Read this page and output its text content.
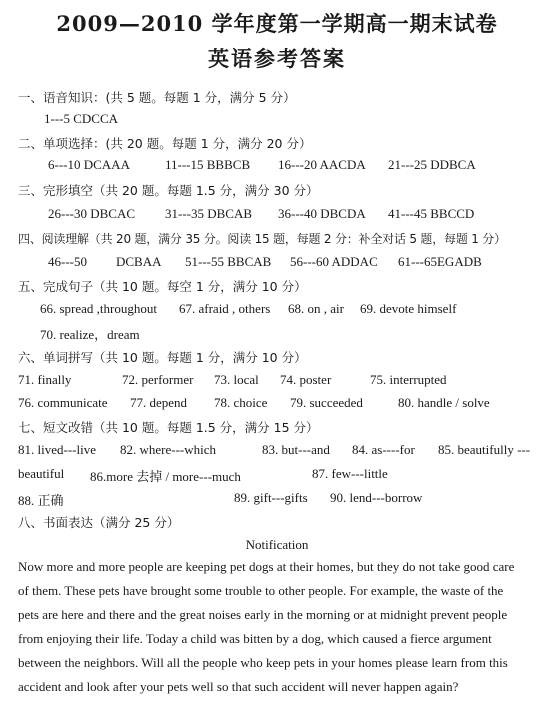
2009—2010 学年度第一学期高一期末试卷
英语参考答案
一、语音知识：(共 5 题。每题 1 分，满分 5 分）
1---5 CDCCA
二、单项选择：(共 20 题。每题 1 分，满分 20 分）
6---10 DCAAA	11---15 BBBCB 16---20 AACDA 21---25 DDBCA
三、完形填空（共 20 题。每题 1.5 分，满分 30 分）
26---30 DBCAC 31---35 DBCAB 36---40 DBCDA 41---45 BBCCD
四、阅读理解（共 20 题，满分 35 分。阅读 15 题，每题 2 分：补全对话 5 题，每题 1 分）
46---50 DCBAA 51---55 BBCAB 56---60 ADDAC 61---65EGADB
五、完成句子（共 10 题。每空 1 分，满分 10 分）
66. spread ,throughout 67. afraid , others 68. on , air 69. devote himself
70. realize，dream
六、单词拼写（共 10 题。每题 1 分，满分 10 分）
71. finally	72. performer 73. local 74. poster	75. interrupted
76. communicate 77. depend 78. choice 79. succeeded	80. handle / solve
七、短文改错（共 10 题。每题 1.5 分，满分 15 分）
81. lived---live 82. where---which	83. but---and 84. as----for 85. beautifully ---
beautiful 86.more 去掉 / more---much	87. few---little
88. 正确	89. gift---gifts 90. lend---borrow
八、书面表达（满分 25 分）
Notification
Now more and more people are keeping pet dogs at their homes, but they do not take good care
of them. These pets have brought some trouble to other people. For example, the waste of the
pets are here and there and the great noises early in the morning or at midnight prevent people
from enjoying their life. Today a child was bitten by a dog, which caused a fierce argument
between the neighbors. Will all the people who keep pets in your homes please learn from this
accident and look after your pets well so that such accident will never happen again?
